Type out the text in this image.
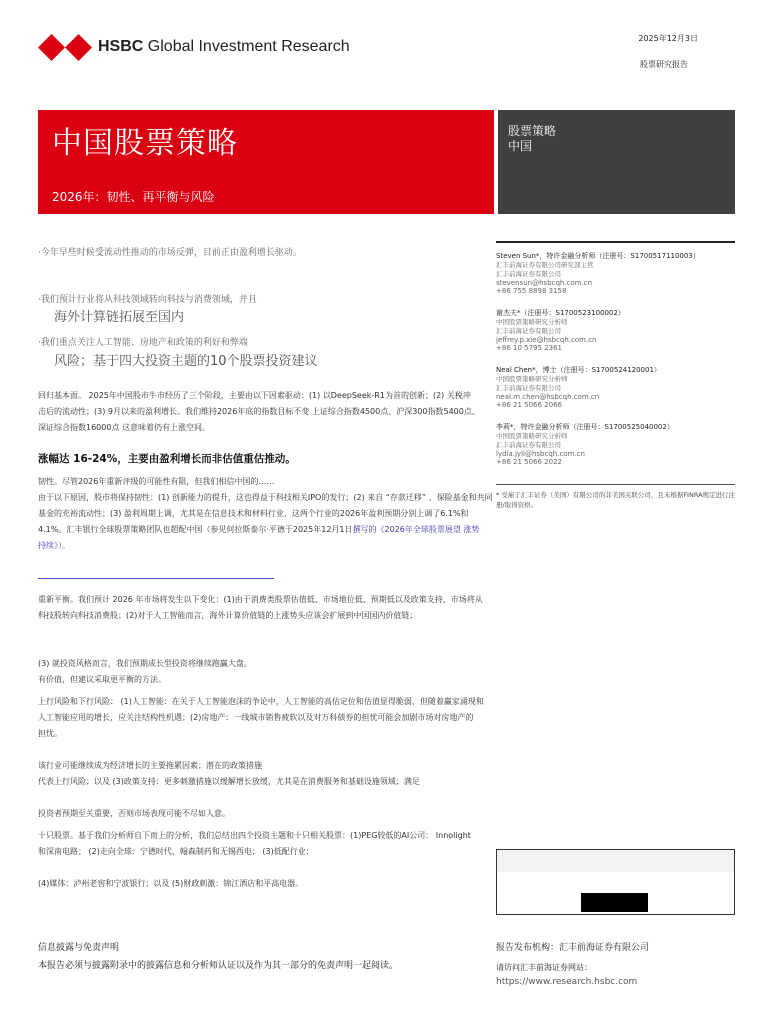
HSBC Global Investment Research	2025年12月3日
股票研究报告
中国股票策略
2026年：韧性、再平衡与风险
股票策略
中国
·今年早些时候受流动性推动的市场反弹，目前正由盈利增长驱动。
·我们预计行业将从科技领域转向科技与消费领域，并且
海外计算链拓展至国内
·我们重点关注人工智能、房地产和政策的利好和弊端
风险；基于四大投资主题的10个股票投资建议
回归基本面。 2025年中国股市牛市经历了三个阶段，主要由以下因素驱动：(1) 以DeepSeek-R1为首的创新；(2) 关税冲
击后的流动性；(3) 9月以来的盈利增长。我们维持2026年底的指数目标不变 上证综合指数4500点、沪深300指数5400点、
深证综合指数16000点 这意味着仍有上涨空间。
涨幅达 16-24%，主要由盈利增长而非估值重估推动。
韧性。尽管2026年重新评级的可能性有限，但我们相信中国的……
由于以下原因，股市将保持韧性：(1) 创新能力的提升，这也得益于科技相关IPO的发行；(2) 来自 “存款迁移” 、保险基金和共同
基金的充裕流动性；(3) 盈利周期上调，尤其是在信息技术和材料行业，这两个行业的2026年盈利预期分别上调了6.1%和
4.1%。汇丰银行全球股票策略团队也超配中国（参见何拉斯泰尔·平德于2025年12月1日撰写的《2026年全球股票展望 涨势
持续》）。
重新平衡。我们预计 2026 年市场将发生以下变化：(1)由于消费类股票估值低、市场地位低、预期低以及政策支持，市场将从
科技股转向科技消费股；(2)对于人工智能而言，海外计算价值链的上涨势头应该会扩展到中国国内价值链；
(3) 就投资风格而言，我们预期成长型投资将继续跑赢大盘。
有价值，但建议采取更平衡的方法。
上行风险和下行风险： (1)人工智能：在关于人工智能泡沫的争论中，人工智能的高估定位和估值显得脆弱，但随着赢家涌现和
人工智能应用的增长，应关注结构性机遇；(2)房地产：一线城市销售疲软以及对万科债券的担忧可能会加剧市场对房地产的
担忧。
该行业可能继续成为经济增长的主要拖累因素；潜在的政策措施
代表上行风险；以及 (3)政策支持：更多刺激措施以缓解增长放缓，尤其是在消费服务和基础设施领域；满足
投资者预期至关重要，否则市场表现可能不尽如人意。
十只股票。基于我们分析师自下而上的分析，我们总结出四个投资主题和十只相关股票：(1)PEG较低的AI公司： Innolight
和深南电路； (2)走向全球：宁德时代、翰森制药和无锡西电； (3)低配行业：
(4)媒体：泸州老窖和宁波银行；以及 (5)财政刺激：锦江酒店和平高电器。
Steven Sun*，特许金融分析师（注册号：S1700517110003）
汇丰前海证券有限公司研究部主管
汇丰前海证券有限公司
stevensun@hsbcqh.com.cn
+86 755 8898 3158
谢杰夫*（注册号：S1700523100002）
中国股票策略研究分析师
汇丰前海证券有限公司
jeffrey.p.xie@hsbcqh.com.cn
+86 10 5795 2361
Neal Chen*，博士（注册号：S1700524120001）
中国股票策略研究分析师
汇丰前海证券有限公司
neal.m.chen@hsbcqh.com.cn
+86 21 5066 2066
李莉*，特许金融分析师（注册号：S1700525040002）
中国股票策略研究分析师
汇丰前海证券有限公司
lydia.jyli@hsbcqh.com.cn
+86 21 5066 2022
* 受雇于汇丰证券（美国）有限公司的非美国关联公司，且未根据FINRA规定进行注册/取得资格。
信息披露与免责声明
本报告必须与披露附录中的披露信息和分析师认证以及作为其一部分的免责声明一起阅读。
报告发布机构：汇丰前海证券有限公司
请访问汇丰前海证券网站：
https://www.research.hsbc.com
